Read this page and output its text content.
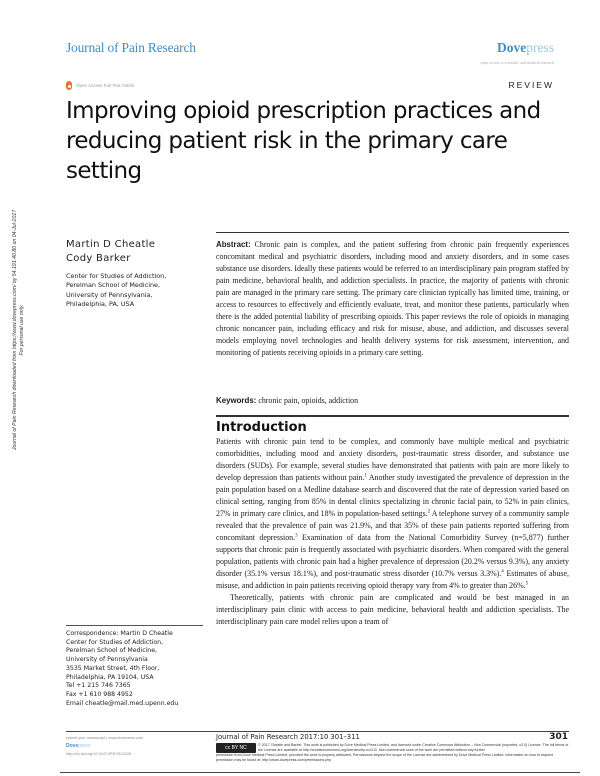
Journal of Pain Research	Dovepress
open access to scientific and medical research
Open Access Full Text Article	REVIEW
Improving opioid prescription practices and reducing patient risk in the primary care setting
Journal of Pain Research downloaded from https://www.dovepress.com/ by 54.191.40.80 on 04-Jul-2017 For personal use only.
Martin D Cheatle
Cody Barker
Center for Studies of Addiction,
Perelman School of Medicine,
University of Pennsylvania,
Philadelphia, PA, USA
Abstract: Chronic pain is complex, and the patient suffering from chronic pain frequently experiences concomitant medical and psychiatric disorders, including mood and anxiety disorders, and in some cases substance use disorders. Ideally these patients would be referred to an interdisciplinary pain program staffed by pain medicine, behavioral health, and addiction specialists. In practice, the majority of patients with chronic pain are managed in the primary care setting. The primary care clinician typically has limited time, training, or access to resources to effectively and efficiently evaluate, treat, and monitor these patients, particularly when there is the added potential liability of prescribing opioids. This paper reviews the role of opioids in managing chronic noncancer pain, including efficacy and risk for misuse, abuse, and addiction, and discusses several models employing novel technologies and health delivery systems for risk assessment, intervention, and monitoring of patients receiving opioids in a primary care setting.
Keywords: chronic pain, opioids, addiction
Introduction

Patients with chronic pain tend to be complex, and commonly have multiple medical and psychiatric comorbidities, including mood and anxiety disorders, post-traumatic stress disorder, and substance use disorders (SUDs). For example, several studies have demonstrated that patients with pain are more likely to develop depression than patients without pain.$^1$ Another study investigated the prevalence of depression in the pain population based on a Medline database search and discovered that the rate of depression varied based on clinical setting, ranging from 85% in dental clinics specializing in chronic facial pain, to 52% in pain clinics, 27% in primary care clinics, and 18% in population-based settings.$^2$ A telephone survey of a community sample revealed that the prevalence of pain was 21.9%, and that 35% of these pain patients reported suffering from concomitant depression.$^3$ Examination of data from the National Comorbidity Survey (n=5,877) further supports that chronic pain is frequently associated with psychiatric disorders. When compared with the general population, patients with chronic pain had a higher prevalence of depression (20.2% versus 9.3%), any anxiety disorder (35.1% versus 18.1%), and post-traumatic stress disorder (10.7% versus 3.3%).$^4$ Estimates of abuse, misuse, and addiction in pain patients receiving opioid therapy vary from 4% to greater than 26%.$^5$

Theoretically, patients with chronic pain are complicated and would be best managed in an interdisciplinary pain clinic with access to pain medicine, behavioral health and addiction specialists. The interdisciplinary pain care model relies upon a team of

Correspondence: Martin D Cheatle
Center for Studies of Addiction,
Perelman School of Medicine,
University of Pennsylvania
3535 Market Street, 4th Floor,
Philadelphia, PA 19104, USA
Tel +1 215 746 7365
Fax +1 610 988 4952
Email cheatle@mail.med.upenn.edu
submit your manuscript | www.dovepress.com
Dovepress
http://dx.doi.org/10.2147/JPR.S101126
Journal of Pain Research 2017:10 301–311	301
cc BY NC	© 2017 Cheatle and Barker. This work is published by Dove Medical Press Limited, and licensed under Creative Commons Attribution – Non Commercial (unported, v3.0) License. The full terms of the License are available at http://creativecommons.org/licenses/by-nc/3.0/. Non-commercial uses of the work are permitted without any further
permission from Dove Medical Press Limited, provided the work is properly attributed. Permissions beyond the scope of the License are administered by Dove Medical Press Limited. Information on how to request permission may be found at: http://www.dovepress.com/permissions.php
